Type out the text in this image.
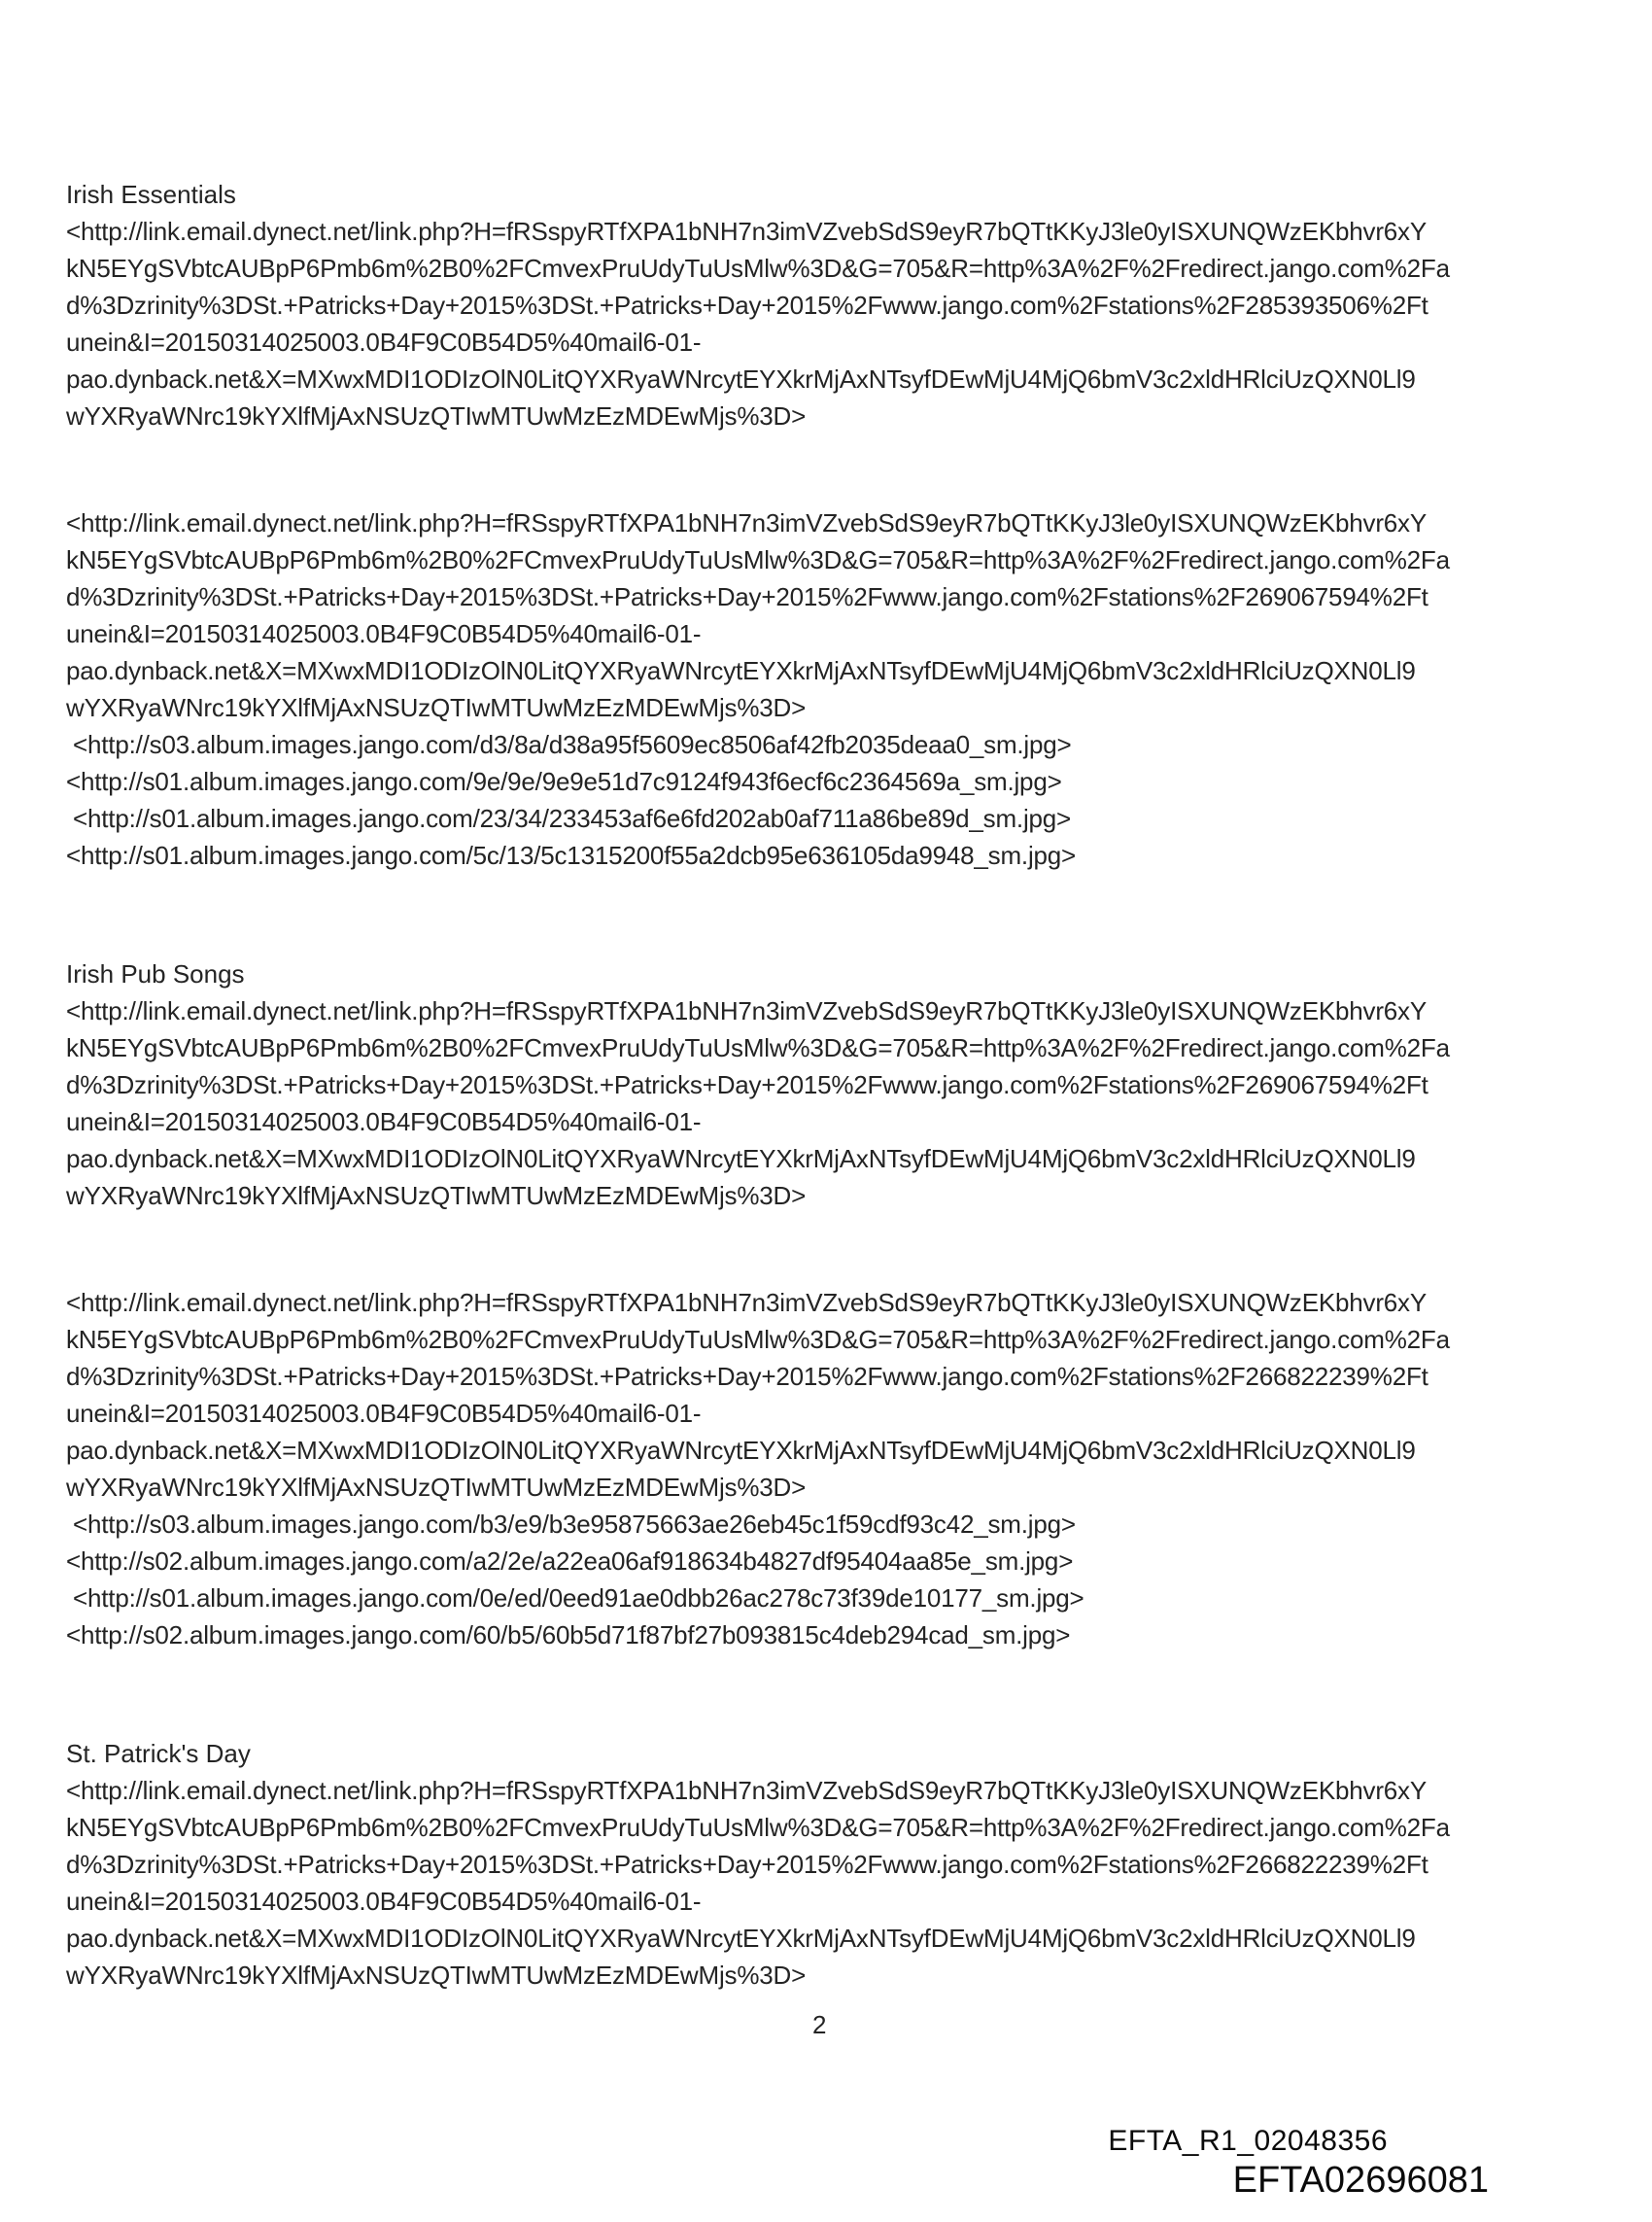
Irish Essentials
<http://link.email.dynect.net/link.php?H=fRSspyRTfXPA1bNH7n3imVZvebSdS9eyR7bQTtKKyJ3le0yISXUNQWzEKbhvr6xY
kN5EYgSVbtcAUBpP6Pmb6m%2B0%2FCmvexPruUdyTuUsMlw%3D&G=705&R=http%3A%2F%2Fredirect.jango.com%2Fa
d%3Dzrinity%3DSt.+Patricks+Day+2015%3DSt.+Patricks+Day+2015%2Fwww.jango.com%2Fstations%2F285393506%2Ft
unein&I=20150314025003.0B4F9C0B54D5%40mail6-01-
pao.dynback.net&X=MXwxMDI1ODIzOlN0LitQYXRyaWNrcytEYXkrMjAxNTsyfDEwMjU4MjQ6bmV3c2xldHRlciUzQXN0Ll9
wYXRyaWNrc19kYXlfMjAxNSUzQTIwMTUwMzEzMDEwMjs%3D>
<http://link.email.dynect.net/link.php?H=fRSspyRTfXPA1bNH7n3imVZvebSdS9eyR7bQTtKKyJ3le0yISXUNQWzEKbhvr6xY
kN5EYgSVbtcAUBpP6Pmb6m%2B0%2FCmvexPruUdyTuUsMlw%3D&G=705&R=http%3A%2F%2Fredirect.jango.com%2Fa
d%3Dzrinity%3DSt.+Patricks+Day+2015%3DSt.+Patricks+Day+2015%2Fwww.jango.com%2Fstations%2F269067594%2Ft
unein&I=20150314025003.0B4F9C0B54D5%40mail6-01-
pao.dynback.net&X=MXwxMDI1ODIzOlN0LitQYXRyaWNrcytEYXkrMjAxNTsyfDEwMjU4MjQ6bmV3c2xldHRlciUzQXN0Ll9
wYXRyaWNrc19kYXlfMjAxNSUzQTIwMTUwMzEzMDEwMjs%3D>
<http://s03.album.images.jango.com/d3/8a/d38a95f5609ec8506af42fb2035deaa0_sm.jpg>
<http://s01.album.images.jango.com/9e/9e/9e9e51d7c9124f943f6ecf6c2364569a_sm.jpg>
<http://s01.album.images.jango.com/23/34/233453af6e6fd202ab0af711a86be89d_sm.jpg>
<http://s01.album.images.jango.com/5c/13/5c1315200f55a2dcb95e636105da9948_sm.jpg>
Irish Pub Songs
<http://link.email.dynect.net/link.php?H=fRSspyRTfXPA1bNH7n3imVZvebSdS9eyR7bQTtKKyJ3le0yISXUNQWzEKbhvr6xY
kN5EYgSVbtcAUBpP6Pmb6m%2B0%2FCmvexPruUdyTuUsMlw%3D&G=705&R=http%3A%2F%2Fredirect.jango.com%2Fa
d%3Dzrinity%3DSt.+Patricks+Day+2015%3DSt.+Patricks+Day+2015%2Fwww.jango.com%2Fstations%2F269067594%2Ft
unein&I=20150314025003.0B4F9C0B54D5%40mail6-01-
pao.dynback.net&X=MXwxMDI1ODIzOlN0LitQYXRyaWNrcytEYXkrMjAxNTsyfDEwMjU4MjQ6bmV3c2xldHRlciUzQXN0Ll9
wYXRyaWNrc19kYXlfMjAxNSUzQTIwMTUwMzEzMDEwMjs%3D>
<http://link.email.dynect.net/link.php?H=fRSspyRTfXPA1bNH7n3imVZvebSdS9eyR7bQTtKKyJ3le0yISXUNQWzEKbhvr6xY
kN5EYgSVbtcAUBpP6Pmb6m%2B0%2FCmvexPruUdyTuUsMlw%3D&G=705&R=http%3A%2F%2Fredirect.jango.com%2Fa
d%3Dzrinity%3DSt.+Patricks+Day+2015%3DSt.+Patricks+Day+2015%2Fwww.jango.com%2Fstations%2F266822239%2Ft
unein&I=20150314025003.0B4F9C0B54D5%40mail6-01-
pao.dynback.net&X=MXwxMDI1ODIzOlN0LitQYXRyaWNrcytEYXkrMjAxNTsyfDEwMjU4MjQ6bmV3c2xldHRlciUzQXN0Ll9
wYXRyaWNrc19kYXlfMjAxNSUzQTIwMTUwMzEzMDEwMjs%3D>
<http://s03.album.images.jango.com/b3/e9/b3e95875663ae26eb45c1f59cdf93c42_sm.jpg>
<http://s02.album.images.jango.com/a2/2e/a22ea06af918634b4827df95404aa85e_sm.jpg>
<http://s01.album.images.jango.com/0e/ed/0eed91ae0dbb26ac278c73f39de10177_sm.jpg>
<http://s02.album.images.jango.com/60/b5/60b5d71f87bf27b093815c4deb294cad_sm.jpg>
St. Patrick's Day
<http://link.email.dynect.net/link.php?H=fRSspyRTfXPA1bNH7n3imVZvebSdS9eyR7bQTtKKyJ3le0yISXUNQWzEKbhvr6xY
kN5EYgSVbtcAUBpP6Pmb6m%2B0%2FCmvexPruUdyTuUsMlw%3D&G=705&R=http%3A%2F%2Fredirect.jango.com%2Fa
d%3Dzrinity%3DSt.+Patricks+Day+2015%3DSt.+Patricks+Day+2015%2Fwww.jango.com%2Fstations%2F266822239%2Ft
unein&I=20150314025003.0B4F9C0B54D5%40mail6-01-
pao.dynback.net&X=MXwxMDI1ODIzOlN0LitQYXRyaWNrcytEYXkrMjAxNTsyfDEwMjU4MjQ6bmV3c2xldHRlciUzQXN0Ll9
wYXRyaWNrc19kYXlfMjAxNSUzQTIwMTUwMzEzMDEwMjs%3D>
2
EFTA_R1_02048356
EFTA02696081
